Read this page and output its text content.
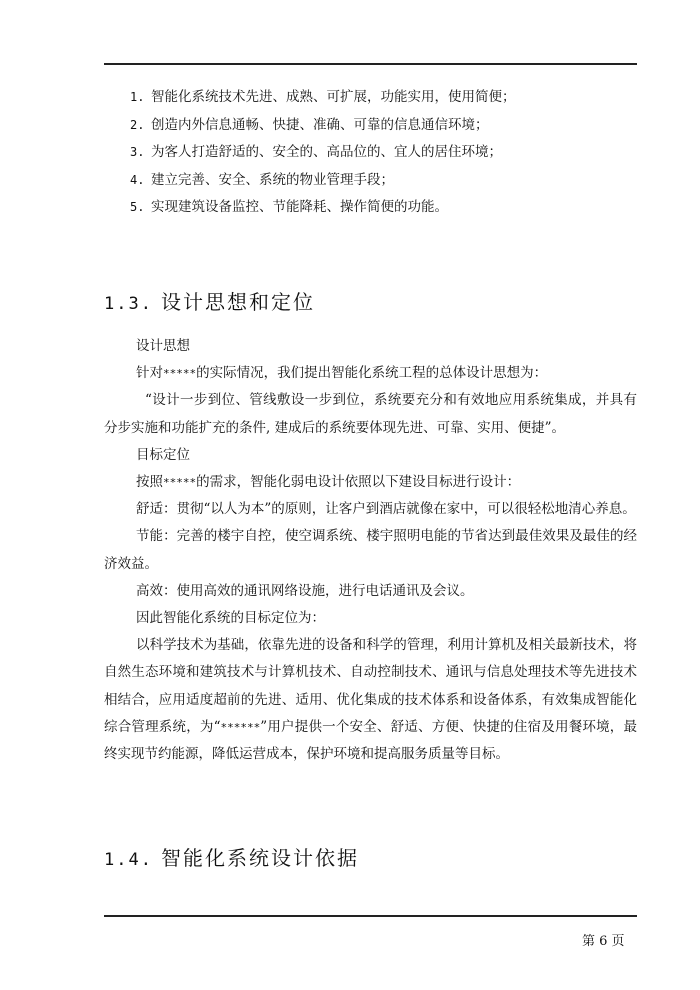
1. 智能化系统技术先进、成熟、可扩展，功能实用，使用简便；
2. 创造内外信息通畅、快捷、准确、可靠的信息通信环境；
3. 为客人打造舒适的、安全的、高品位的、宜人的居住环境；
4. 建立完善、安全、系统的物业管理手段；
5. 实现建筑设备监控、节能降耗、操作简便的功能。
1.3. 设计思想和定位

设计思想

针对*****的实际情况，我们提出智能化系统工程的总体设计思想为：

“设计一步到位、管线敷设一步到位，系统要充分和有效地应用系统集成，并具有分步实施和功能扩充的条件, 建成后的系统要体现先进、可靠、实用、便捷”。

目标定位

按照*****的需求，智能化弱电设计依照以下建设目标进行设计：

舒适：贯彻“以人为本”的原则，让客户到酒店就像在家中，可以很轻松地清心养息。

节能：完善的楼宇自控，使空调系统、楼宇照明电能的节省达到最佳效果及最佳的经济效益。

高效：使用高效的通讯网络设施，进行电话通讯及会议。

因此智能化系统的目标定位为：

以科学技术为基础，依靠先进的设备和科学的管理，利用计算机及相关最新技术，将自然生态环境和建筑技术与计算机技术、自动控制技术、通讯与信息处理技术等先进技术相结合，应用适度超前的先进、适用、优化集成的技术体系和设备体系，有效集成智能化综合管理系统，为“******”用户提供一个安全、舒适、方便、快捷的住宿及用餐环境，最终实现节约能源，降低运营成本，保护环境和提高服务质量等目标。

1.4. 智能化系统设计依据
第 6 页
